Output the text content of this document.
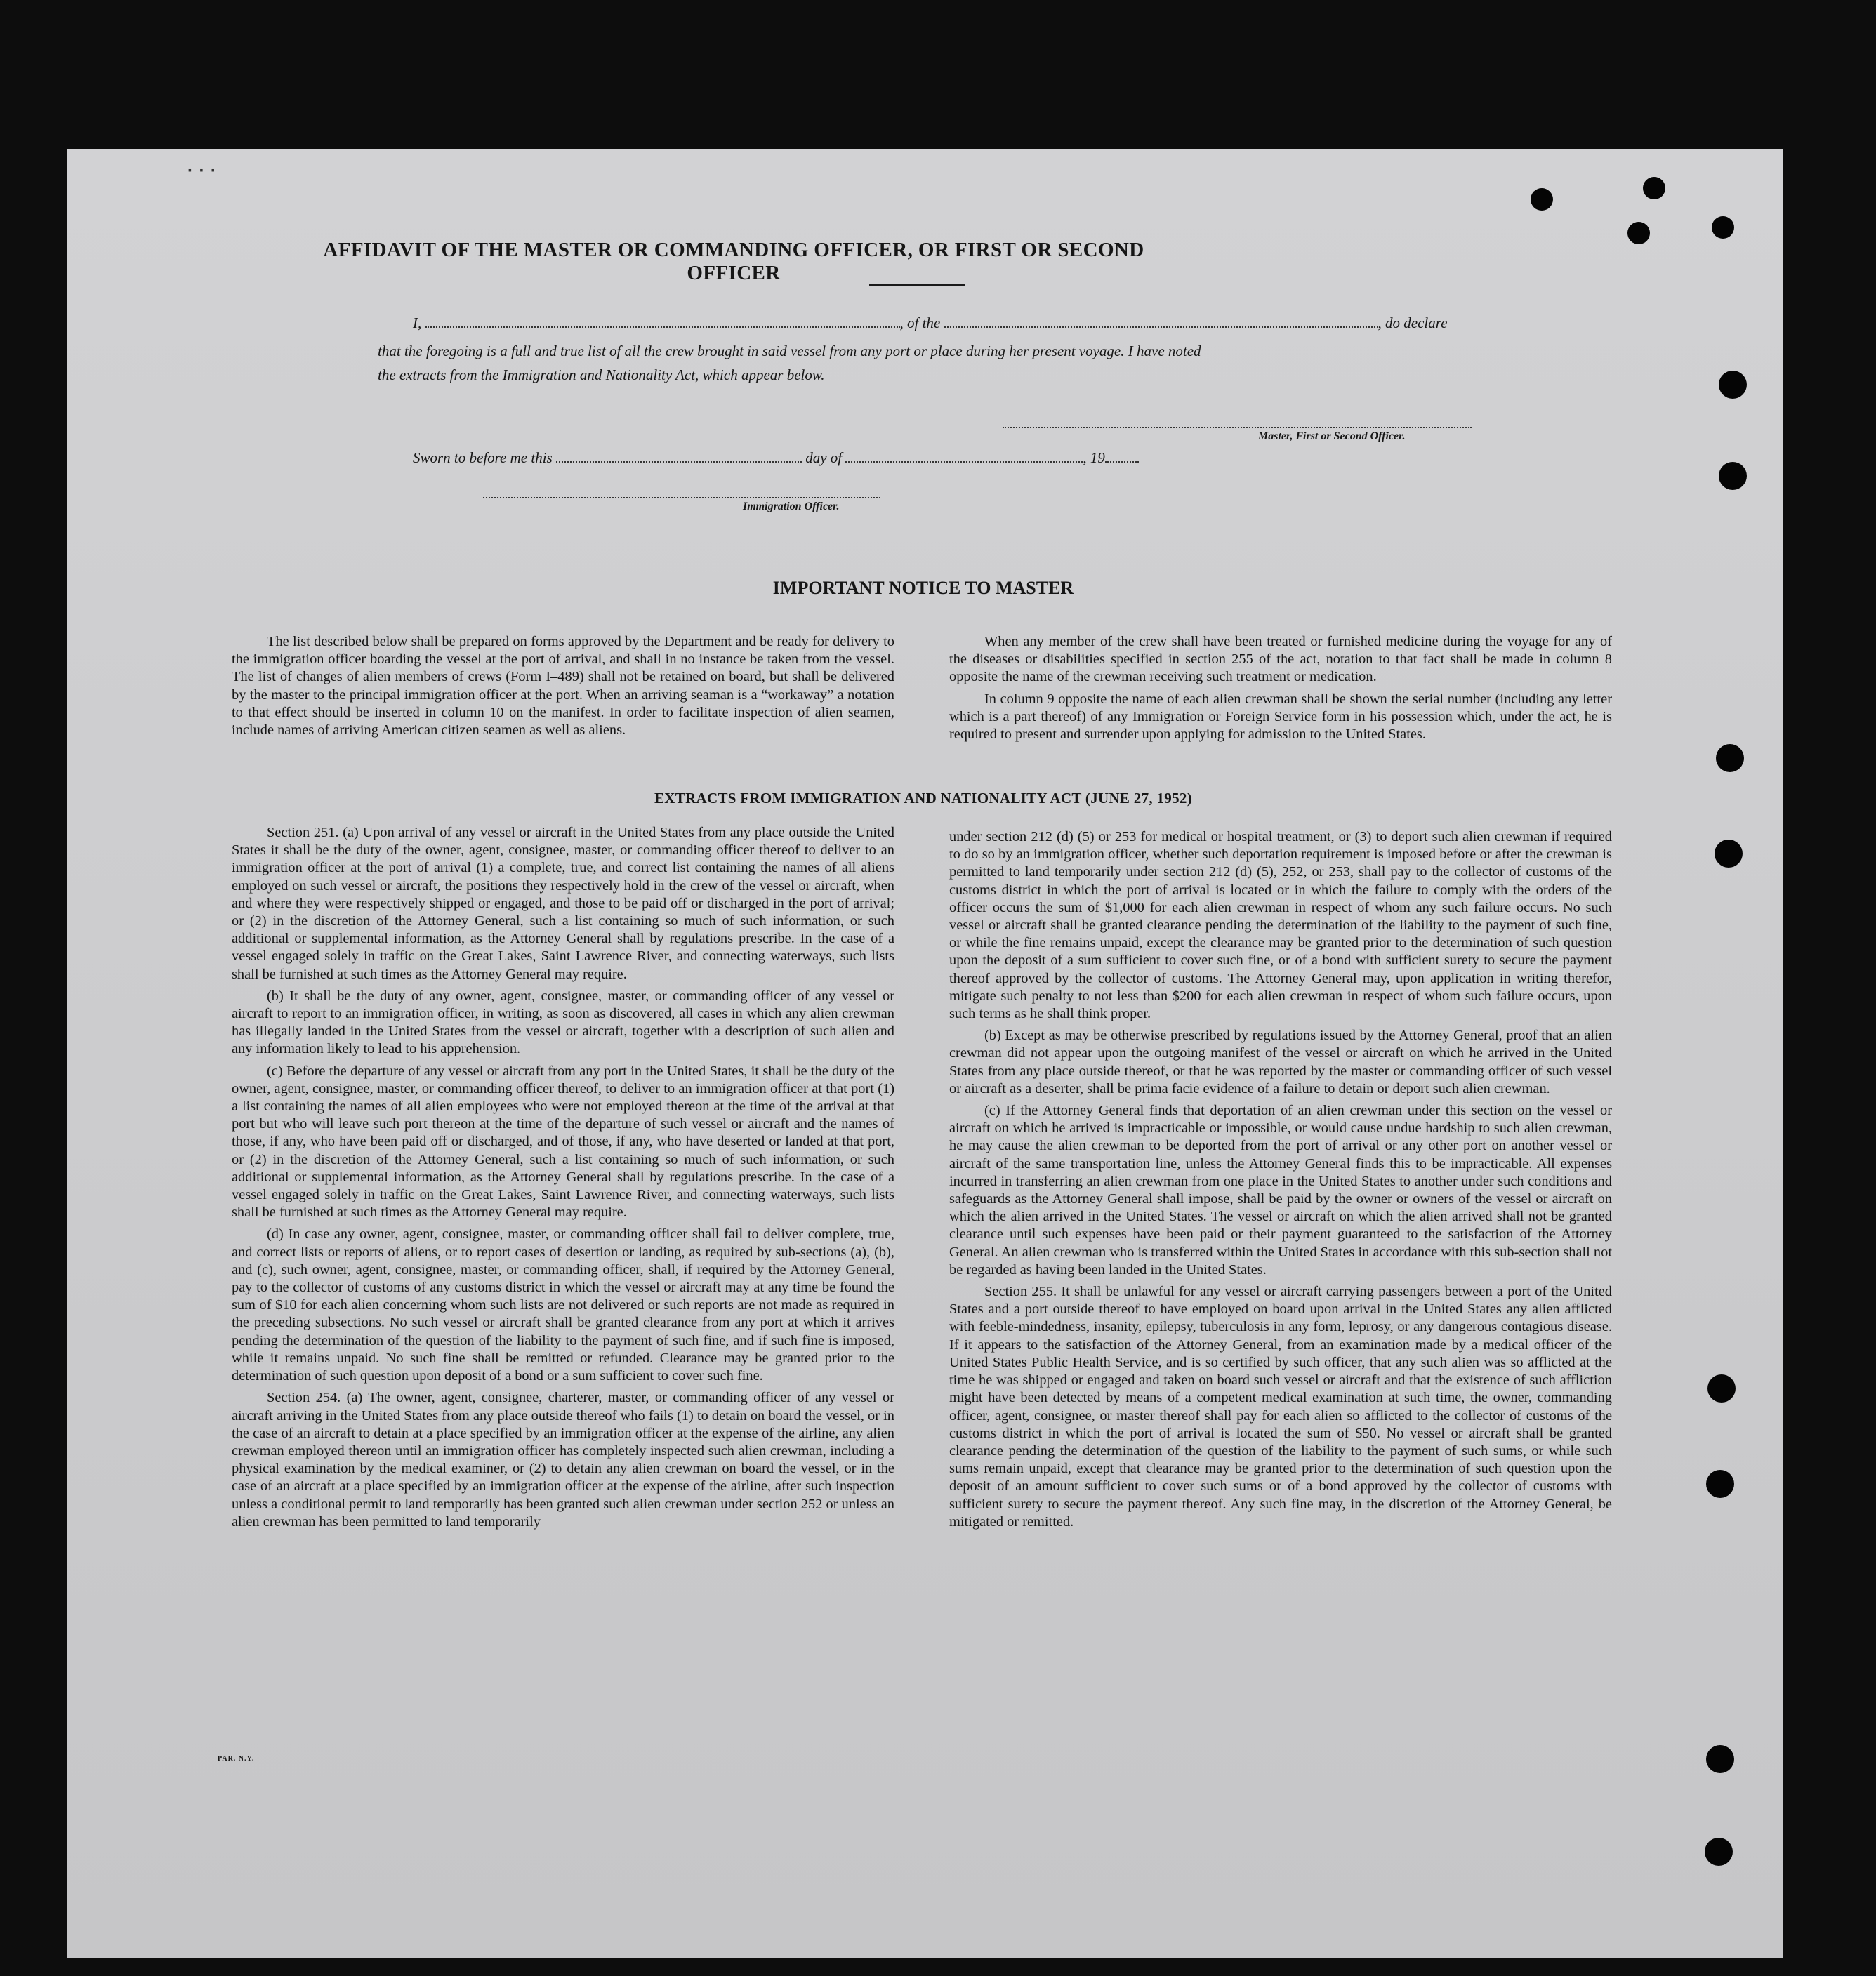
▪ ▪ ▪
AFFIDAVIT OF THE MASTER OR COMMANDING OFFICER, OR FIRST OR SECOND OFFICER
I,	, of the	, do declare
that the foregoing is a full and true list of all the crew brought in said vessel from any port or place during her present voyage. I have noted
the extracts from the Immigration and Nationality Act, which appear below.
Master, First or Second Officer.
Sworn to before me this	day of	, 19
Immigration Officer.
IMPORTANT NOTICE TO MASTER

The list described below shall be prepared on forms approved by the Department and be ready for delivery to the immigration officer boarding the vessel at the port of arrival, and shall in no instance be taken from the vessel. The list of changes of alien members of crews (Form I–489) shall not be retained on board, but shall be delivered by the master to the principal immigration officer at the port. When an arriving seaman is a “workaway” a notation to that effect should be inserted in column 10 on the manifest. In order to facilitate inspection of alien seamen, include names of arriving American citizen seamen as well as aliens.

When any member of the crew shall have been treated or furnished medicine during the voyage for any of the diseases or disabilities specified in section 255 of the act, notation to that fact shall be made in column 8 opposite the name of the crewman receiving such treatment or medication.

In column 9 opposite the name of each alien crewman shall be shown the serial number (including any letter which is a part thereof) of any Immigration or Foreign Service form in his possession which, under the act, he is required to present and surrender upon applying for admission to the United States.

EXTRACTS FROM IMMIGRATION AND NATIONALITY ACT (JUNE 27, 1952)

Section 251. (a) Upon arrival of any vessel or aircraft in the United States from any place outside the United States it shall be the duty of the owner, agent, consignee, master, or commanding officer thereof to deliver to an immigration officer at the port of arrival (1) a complete, true, and correct list containing the names of all aliens employed on such vessel or aircraft, the positions they respectively hold in the crew of the vessel or aircraft, when and where they were respectively shipped or engaged, and those to be paid off or discharged in the port of arrival; or (2) in the discretion of the Attorney General, such a list containing so much of such information, or such additional or supplemental information, as the Attorney General shall by regulations prescribe. In the case of a vessel engaged solely in traffic on the Great Lakes, Saint Lawrence River, and connecting waterways, such lists shall be furnished at such times as the Attorney General may require.

(b) It shall be the duty of any owner, agent, consignee, master, or commanding officer of any vessel or aircraft to report to an immigration officer, in writing, as soon as discovered, all cases in which any alien crewman has illegally landed in the United States from the vessel or aircraft, together with a description of such alien and any information likely to lead to his apprehension.

(c) Before the departure of any vessel or aircraft from any port in the United States, it shall be the duty of the owner, agent, consignee, master, or commanding officer thereof, to deliver to an immigration officer at that port (1) a list containing the names of all alien employees who were not employed thereon at the time of the arrival at that port but who will leave such port thereon at the time of the departure of such vessel or aircraft and the names of those, if any, who have been paid off or discharged, and of those, if any, who have deserted or landed at that port, or (2) in the discretion of the Attorney General, such a list containing so much of such information, or such additional or supplemental information, as the Attorney General shall by regulations prescribe. In the case of a vessel engaged solely in traffic on the Great Lakes, Saint Lawrence River, and connecting waterways, such lists shall be furnished at such times as the Attorney General may require.

(d) In case any owner, agent, consignee, master, or commanding officer shall fail to deliver complete, true, and correct lists or reports of aliens, or to report cases of desertion or landing, as required by sub-sections (a), (b), and (c), such owner, agent, consignee, master, or commanding officer, shall, if required by the Attorney General, pay to the collector of customs of any customs district in which the vessel or aircraft may at any time be found the sum of $10 for each alien concerning whom such lists are not delivered or such reports are not made as required in the preceding subsections. No such vessel or aircraft shall be granted clearance from any port at which it arrives pending the determination of the question of the liability to the payment of such fine, and if such fine is imposed, while it remains unpaid. No such fine shall be remitted or refunded. Clearance may be granted prior to the determination of such question upon deposit of a bond or a sum sufficient to cover such fine.

Section 254. (a) The owner, agent, consignee, charterer, master, or commanding officer of any vessel or aircraft arriving in the United States from any place outside thereof who fails (1) to detain on board the vessel, or in the case of an aircraft to detain at a place specified by an immigration officer at the expense of the airline, any alien crewman employed thereon until an immigration officer has completely inspected such alien crewman, including a physical examination by the medical examiner, or (2) to detain any alien crewman on board the vessel, or in the case of an aircraft at a place specified by an immigration officer at the expense of the airline, after such inspection unless a conditional permit to land temporarily has been granted such alien crewman under section 252 or unless an alien crewman has been permitted to land temporarily

under section 212 (d) (5) or 253 for medical or hospital treatment, or (3) to deport such alien crewman if required to do so by an immigration officer, whether such deportation requirement is imposed before or after the crewman is permitted to land temporarily under section 212 (d) (5), 252, or 253, shall pay to the collector of customs of the customs district in which the port of arrival is located or in which the failure to comply with the orders of the officer occurs the sum of $1,000 for each alien crewman in respect of whom any such failure occurs. No such vessel or aircraft shall be granted clearance pending the determination of the liability to the payment of such fine, or while the fine remains unpaid, except the clearance may be granted prior to the determination of such question upon the deposit of a sum sufficient to cover such fine, or of a bond with sufficient surety to secure the payment thereof approved by the collector of customs. The Attorney General may, upon application in writing therefor, mitigate such penalty to not less than $200 for each alien crewman in respect of whom such failure occurs, upon such terms as he shall think proper.

(b) Except as may be otherwise prescribed by regulations issued by the Attorney General, proof that an alien crewman did not appear upon the outgoing manifest of the vessel or aircraft on which he arrived in the United States from any place outside thereof, or that he was reported by the master or commanding officer of such vessel or aircraft as a deserter, shall be prima facie evidence of a failure to detain or deport such alien crewman.

(c) If the Attorney General finds that deportation of an alien crewman under this section on the vessel or aircraft on which he arrived is impracticable or impossible, or would cause undue hardship to such alien crewman, he may cause the alien crewman to be deported from the port of arrival or any other port on another vessel or aircraft of the same transportation line, unless the Attorney General finds this to be impracticable. All expenses incurred in transferring an alien crewman from one place in the United States to another under such conditions and safeguards as the Attorney General shall impose, shall be paid by the owner or owners of the vessel or aircraft on which the alien arrived in the United States. The vessel or aircraft on which the alien arrived shall not be granted clearance until such expenses have been paid or their payment guaranteed to the satisfaction of the Attorney General. An alien crewman who is transferred within the United States in accordance with this sub-section shall not be regarded as having been landed in the United States.

Section 255. It shall be unlawful for any vessel or aircraft carrying passengers between a port of the United States and a port outside thereof to have employed on board upon arrival in the United States any alien afflicted with feeble-mindedness, insanity, epilepsy, tuberculosis in any form, leprosy, or any dangerous contagious disease. If it appears to the satisfaction of the Attorney General, from an examination made by a medical officer of the United States Public Health Service, and is so certified by such officer, that any such alien was so afflicted at the time he was shipped or engaged and taken on board such vessel or aircraft and that the existence of such affliction might have been detected by means of a competent medical examination at such time, the owner, commanding officer, agent, consignee, or master thereof shall pay for each alien so afflicted to the collector of customs of the customs district in which the port of arrival is located the sum of $50. No vessel or aircraft shall be granted clearance pending the determination of the question of the liability to the payment of such sums, or while such sums remain unpaid, except that clearance may be granted prior to the determination of such question upon the deposit of an amount sufficient to cover such sums or of a bond approved by the collector of customs with sufficient surety to secure the payment thereof. Any such fine may, in the discretion of the Attorney General, be mitigated or remitted.

PAR. N.Y.
